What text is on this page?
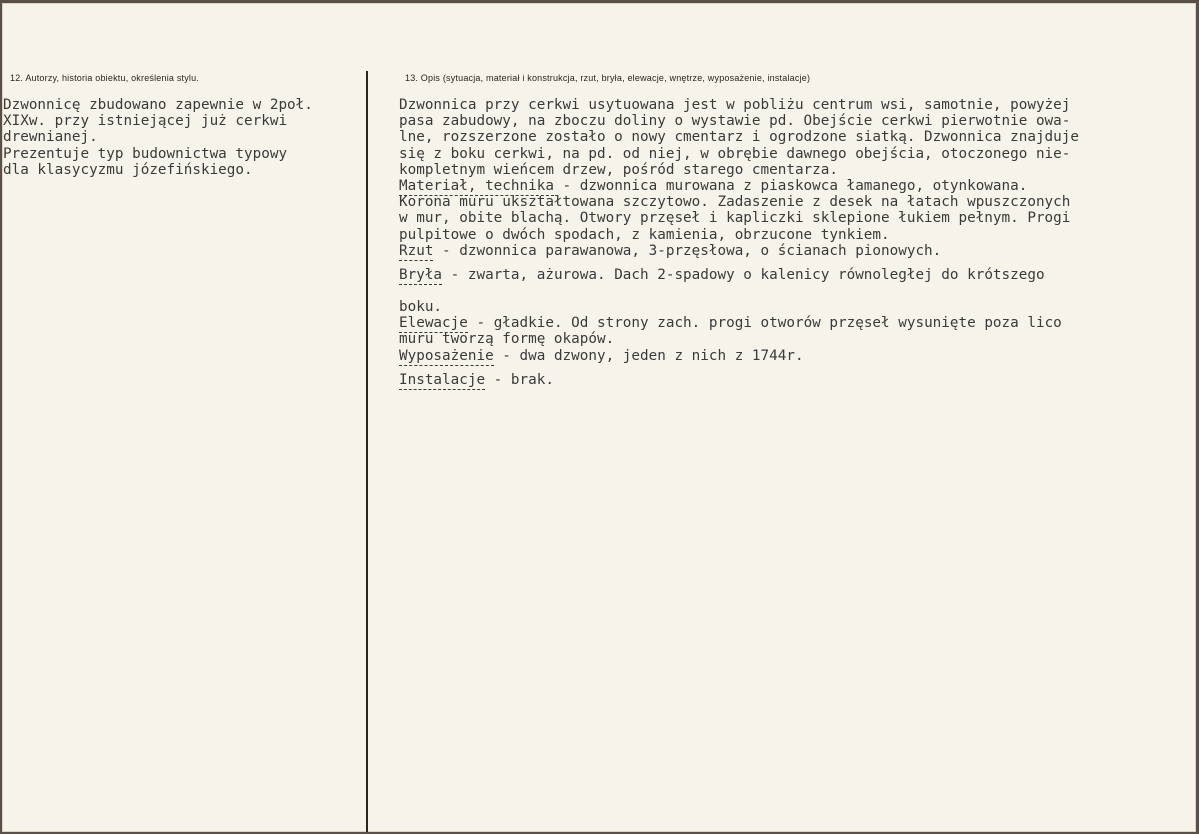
12. Autorzy, historia obiektu, określenia stylu.	13. Opis (sytuacja, materiał i konstrukcja, rzut, bryła, elewacje, wnętrze, wyposażenie, instalacje)
Dzwonnicę zbudowano zapewnie w 2poł.
XIXw. przy istniejącej już cerkwi
drewnianej.
Prezentuje typ budownictwa typowy
dla klasycyzmu józefińskiego.
Dzwonnica przy cerkwi usytuowana jest w pobliżu centrum wsi, samotnie, powyżej
pasa zabudowy, na zboczu doliny o wystawie pd. Obejście cerkwi pierwotnie owa-
lne, rozszerzone zostało o nowy cmentarz i ogrodzone siatką. Dzwonnica znajduje
się z boku cerkwi, na pd. od niej, w obrębie dawnego obejścia, otoczonego nie-
kompletnym wieńcem drzew, pośród starego cmentarza.
Materiał, technika - dzwonnica murowana z piaskowca łamanego, otynkowana.
Korona muru ukształtowana szczytowo. Zadaszenie z desek na łatach wpuszczonych
w mur, obite blachą. Otwory przęseł i kapliczki sklepione łukiem pełnym. Progi
pulpitowe o dwóch spodach, z kamienia, obrzucone tynkiem.
Rzut - dzwonnica parawanowa, 3-przęsłowa, o ścianach pionowych.
Bryła - zwarta, ażurowa. Dach 2-spadowy o kalenicy równoległej do krótszego
boku.
Elewacje - gładkie. Od strony zach. progi otworów przęseł wysunięte poza lico
muru tworzą formę okapów.
Wyposażenie - dwa dzwony, jeden z nich z 1744r.
Instalacje - brak.
